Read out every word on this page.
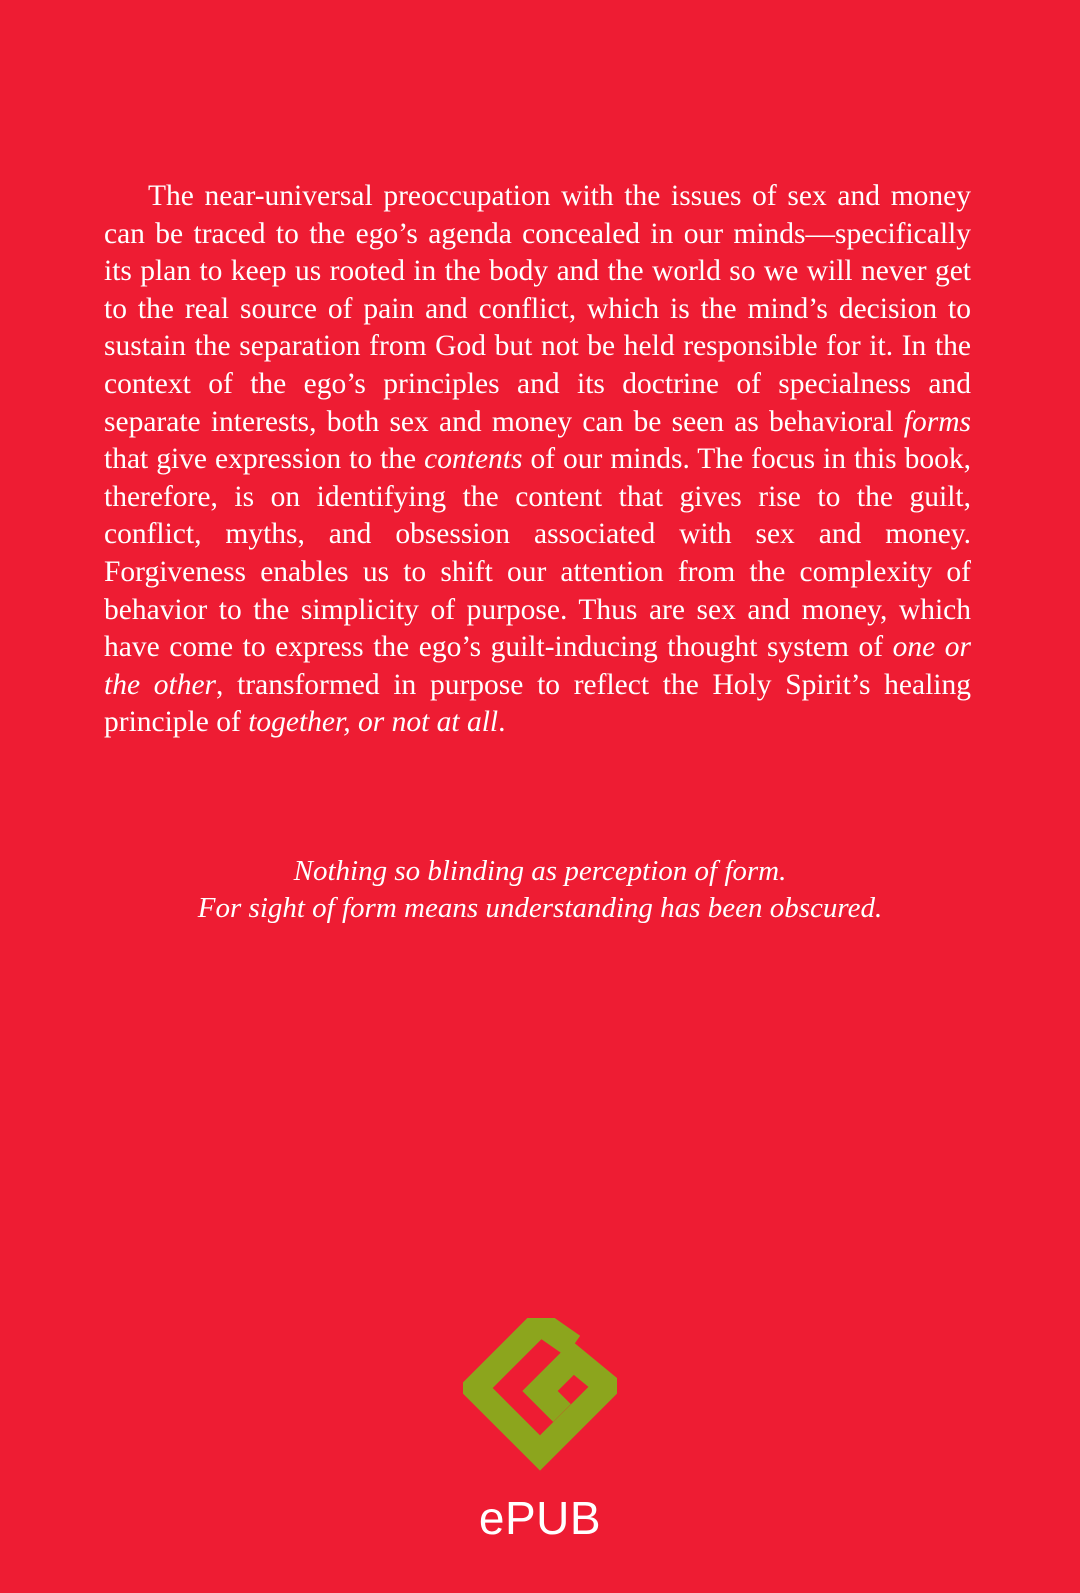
The near-universal preoccupation with the issues of sex and money can be traced to the ego’s agenda concealed in our minds—specifically its plan to keep us rooted in the body and the world so we will never get to the real source of pain and conflict, which is the mind’s decision to sustain the separation from God but not be held responsible for it. In the context of the ego’s principles and its doctrine of specialness and separate interests, both sex and money can be seen as behavioral forms that give expression to the contents of our minds. The focus in this book, therefore, is on identifying the content that gives rise to the guilt, conflict, myths, and obsession associated with sex and money. Forgiveness enables us to shift our attention from the complexity of behavior to the simplicity of purpose. Thus are sex and money, which have come to express the ego’s guilt-inducing thought system of one or the other, transformed in purpose to reflect the Holy Spirit’s healing principle of together, or not at all.

Nothing so blinding as perception of form.
For sight of form means understanding has been obscured.
ePUB
